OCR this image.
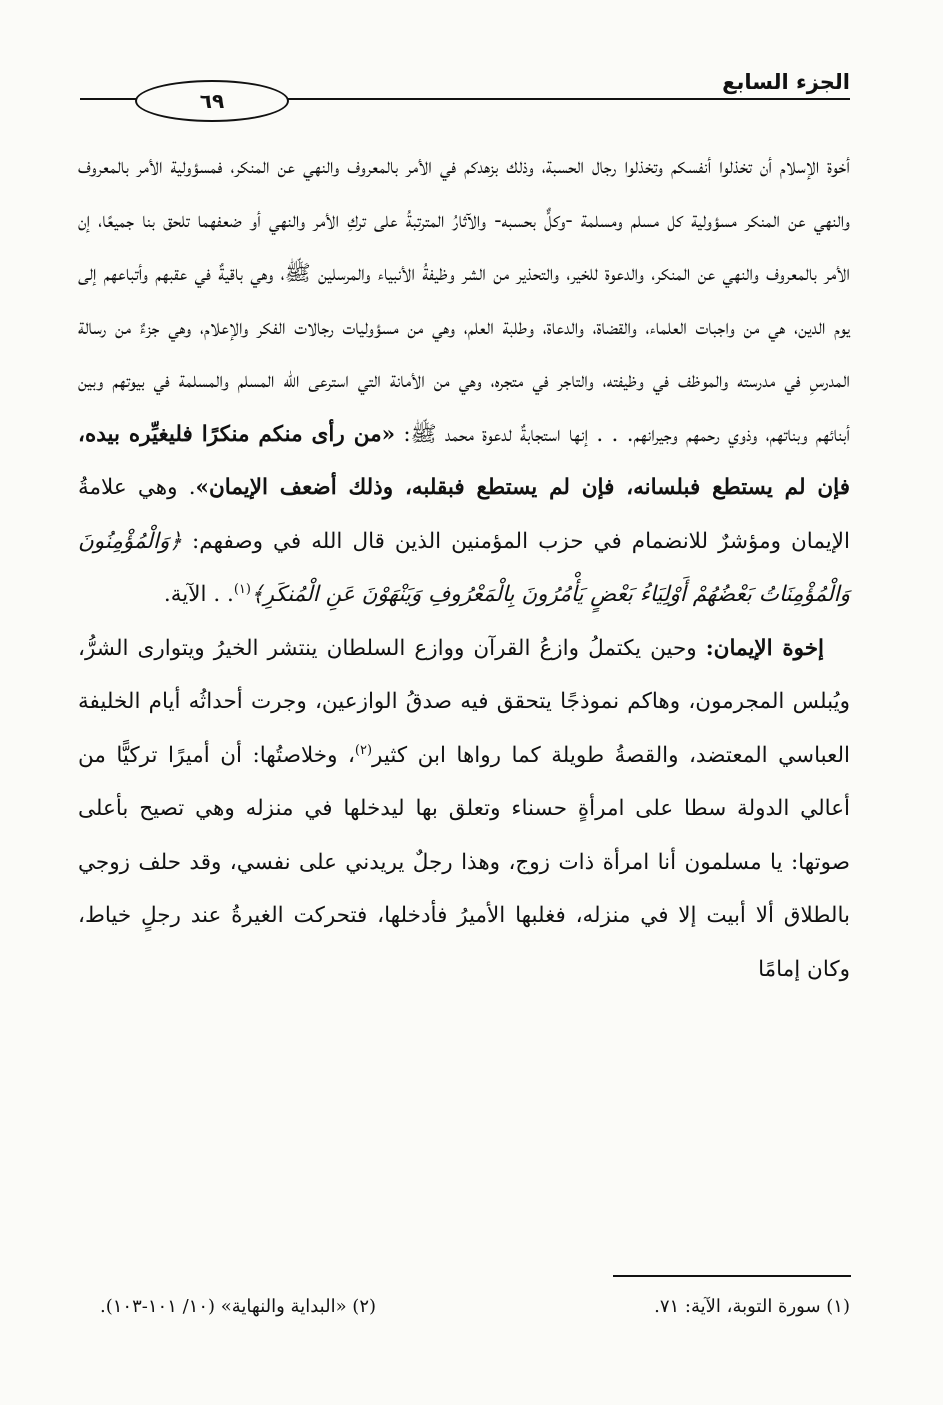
الجزء السابع
٦٩

أخوة الإسلام أن تخذلوا أنفسكم وتخذلوا رجال الحسبة، وذلك بزهدكم في الأمر بالمعروف والنهي عن المنكر، فمسؤولية الأمر بالمعروف والنهي عن المنكر مسؤولية كل مسلم ومسلمة -وكلٌّ بحسبه- والآثارُ المترتبةُ على تركِ الأمر والنهي أو ضعفهما تلحق بنا جميعًا، إن الأمر بالمعروف والنهي عن المنكر، والدعوة للخير، والتحذير من الشر وظيفةُ الأنبياء والمرسلين ﷺ، وهي باقيةٌ في عقبهم وأتباعهم إلى يوم الدين، هي من واجبات العلماء، والقضاة، والدعاة، وطلبة العلم، وهي من مسؤوليات رجالات الفكر والإعلام، وهي جزءٌ من رسالة المدرسِ في مدرسته والموظف في وظيفته، والتاجر في متجره، وهي من الأمانة التي استرعى الله المسلم والمسلمة في بيوتهم وبين أبنائهم وبناتهم، وذوي رحمهم وجيرانهم. . . إنها استجابةٌ لدعوة محمد ﷺ: «من رأى منكم منكرًا فليغيِّره بيده، فإن لم يستطع فبلسانه، فإن لم يستطع فبقلبه، وذلك أضعف الإيمان». وهي علامةُ الإيمان ومؤشرٌ للانضمام في حزب المؤمنين الذين قال الله في وصفهم: ﴿وَالْمُؤْمِنُونَ وَالْمُؤْمِنَاتُ بَعْضُهُمْ أَوْلِيَاءُ بَعْضٍ يَأْمُرُونَ بِالْمَعْرُوفِ وَيَنْهَوْنَ عَنِ الْمُنكَرِ﴾$^{(١)}$. . الآية.

إخوة الإيمان: وحين يكتملُ وازعُ القرآن ووازع السلطان ينتشر الخيرُ ويتوارى الشرُّ، ويُبلس المجرمون، وهاكم نموذجًا يتحقق فيه صدقُ الوازعين، وجرت أحداثُه أيام الخليفة العباسي المعتضد، والقصةُ طويلة كما رواها ابن كثير$^{(٢)}$، وخلاصتُها: أن أميرًا تركيًّا من أعالي الدولة سطا على امرأةٍ حسناء وتعلق بها ليدخلها في منزله وهي تصيح بأعلى صوتها: يا مسلمون أنا امرأة ذات زوج، وهذا رجلٌ يريدني على نفسي، وقد حلف زوجي بالطلاق ألا أبيت إلا في منزله، فغلبها الأميرُ فأدخلها، فتحركت الغيرةُ عند رجلٍ خياط، وكان إمامًا

(١) سورة التوبة، الآية: ٧١.
(٢) «البداية والنهاية» (١٠/ ١٠١-١٠٣).
